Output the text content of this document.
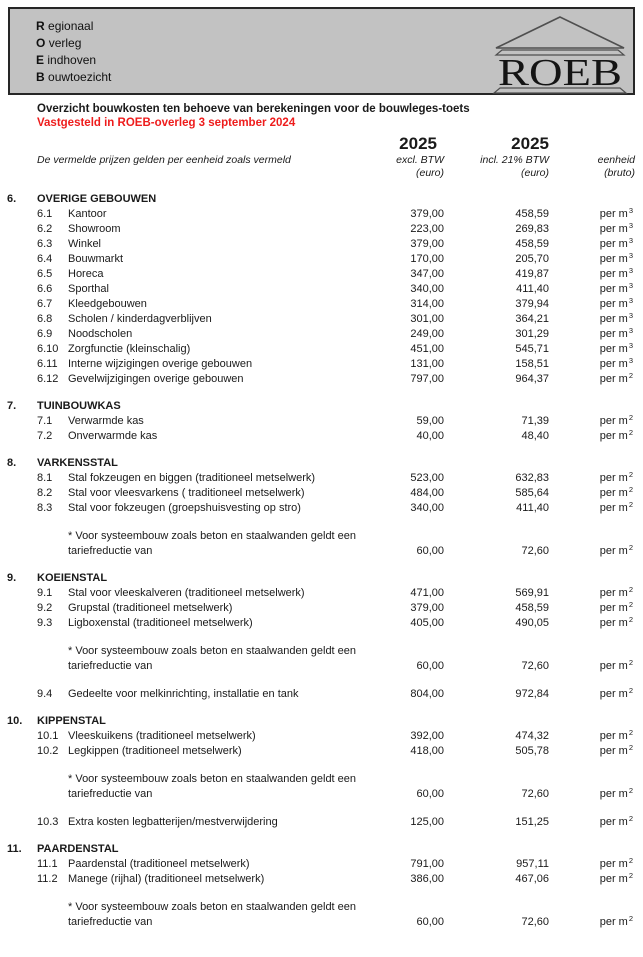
R egionaal
O verleg
E indhoven
B ouwtoezicht	ROEB
Overzicht bouwkosten ten behoeve van berekeningen voor de bouwleges-toets
Vastgesteld in ROEB-overleg 3 september 2024
2025	2025
De vermelde prijzen gelden per eenheid zoals vermeld	excl. BTW	incl. 21% BTW	eenheid
(euro)	(euro)	(bruto)
6.	OVERIGE GEBOUWEN
6.1	Kantoor	379,00	458,59	per $m^3$
6.2	Showroom	223,00	269,83	per $m^3$
6.3	Winkel	379,00	458,59	per $m^3$
6.4	Bouwmarkt	170,00	205,70	per $m^3$
6.5	Horeca	347,00	419,87	per $m^3$
6.6	Sporthal	340,00	411,40	per $m^3$
6.7	Kleedgebouwen	314,00	379,94	per $m^3$
6.8	Scholen / kinderdagverblijven	301,00	364,21	per $m^3$
6.9	Noodscholen	249,00	301,29	per $m^3$
6.10 Zorgfunctie (kleinschalig)	451,00	545,71	per $m^3$
6.11 Interne wijzigingen overige gebouwen	131,00	158,51	per $m^3$
6.12 Gevelwijzigingen overige gebouwen	797,00	964,37	per $m^2$
7.	TUINBOUWKAS
7.1	Verwarmde kas	59,00	71,39	per $m^2$
7.2	Onverwarmde kas	40,00	48,40	per $m^2$
8.	VARKENSSTAL
8.1	Stal fokzeugen en biggen (traditioneel metselwerk)	523,00	632,83	per $m^2$
8.2	Stal voor vleesvarkens ( traditioneel metselwerk)	484,00	585,64	per $m^2$
8.3	Stal voor fokzeugen (groepshuisvesting op stro)	340,00	411,40	per $m^2$
* Voor systeembouw zoals beton en staalwanden geldt een
tariefreductie van	60,00	72,60	per $m^2$
9.	KOEIENSTAL
9.1	Stal voor vleeskalveren (traditioneel metselwerk)	471,00	569,91	per $m^2$
9.2	Grupstal (traditioneel metselwerk)	379,00	458,59	per $m^2$
9.3	Ligboxenstal (traditioneel metselwerk)	405,00	490,05	per $m^2$
* Voor systeembouw zoals beton en staalwanden geldt een
tariefreductie van	60,00	72,60	per $m^2$
9.4	Gedeelte voor melkinrichting, installatie en tank	804,00	972,84	per $m^2$
10.	KIPPENSTAL
10.1 Vleeskuikens (traditioneel metselwerk)	392,00	474,32	per $m^2$
10.2 Legkippen (traditioneel metselwerk)	418,00	505,78	per $m^2$
* Voor systeembouw zoals beton en staalwanden geldt een
tariefreductie van	60,00	72,60	per $m^2$
10.3 Extra kosten legbatterijen/mestverwijdering	125,00	151,25	per $m^2$
11.	PAARDENSTAL
11.1 Paardenstal (traditioneel metselwerk)	791,00	957,11	per $m^2$
11.2 Manege (rijhal) (traditioneel metselwerk)	386,00	467,06	per $m^2$
* Voor systeembouw zoals beton en staalwanden geldt een
tariefreductie van	60,00	72,60	per $m^2$
